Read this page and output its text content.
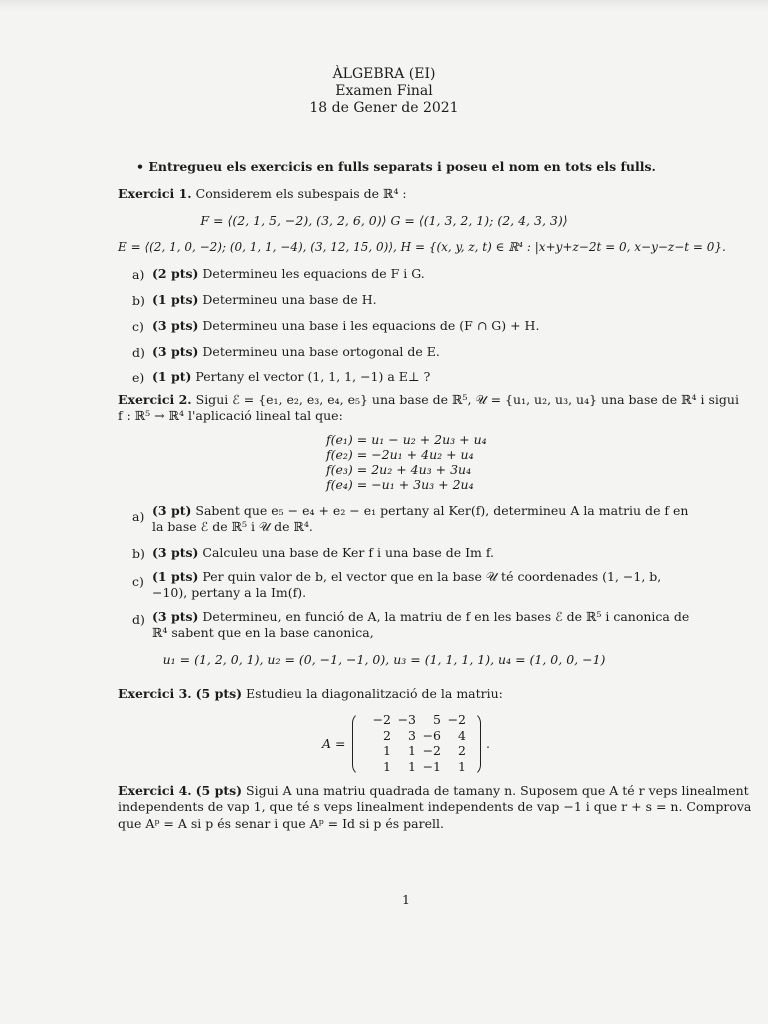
ÀLGEBRA (EI)
Examen Final
18 de Gener de 2021
• Entregueu els exercicis en fulls separats i poseu el nom en tots els fulls.
Exercici 1. Considerem els subespais de ℝ⁴ :
F = ⟨(2, 1, 5, −2), (3, 2, 6, 0)⟩ G = ⟨(1, 3, 2, 1); (2, 4, 3, 3)⟩
E = ⟨(2, 1, 0, −2); (0, 1, 1, −4), (3, 12, 15, 0)⟩, H = {(x, y, z, t) ∈ ℝ⁴ : |x+y+z−2t = 0, x−y−z−t = 0}.
a) (2 pts) Determineu les equacions de F i G.
b) (1 pts) Determineu una base de H.
c) (3 pts) Determineu una base i les equacions de (F ∩ G) + H.
d) (3 pts) Determineu una base ortogonal de E.
e) (1 pt) Pertany el vector (1, 1, 1, −1) a E⊥ ?
Exercici 2. Sigui ℰ = {e₁, e₂, e₃, e₄, e₅} una base de ℝ⁵, 𝒰 = {u₁, u₂, u₃, u₄} una base de ℝ⁴ i sigui
f : ℝ⁵ → ℝ⁴ l'aplicació lineal tal que:
f(e₁) = u₁ − u₂ + 2u₃ + u₄
f(e₂) = −2u₁ + 4u₂ + u₄
f(e₃) = 2u₂ + 4u₃ + 3u₄
f(e₄) = −u₁ + 3u₃ + 2u₄
a) (3 pt) Sabent que e₅ − e₄ + e₂ − e₁ pertany al Ker(f), determineu A la matriu de f en la base ℰ de ℝ⁵ i 𝒰 de ℝ⁴.
b) (3 pts) Calculeu una base de Ker f i una base de Im f.
c) (1 pts) Per quin valor de b, el vector que en la base 𝒰 té coordenades (1, −1, b, −10), pertany a la Im(f).
d) (3 pts) Determineu, en funció de A, la matriu de f en les bases ℰ de ℝ⁵ i canonica de ℝ⁴ sabent que en la base canonica,
u₁ = (1, 2, 0, 1), u₂ = (0, −1, −1, 0), u₃ = (1, 1, 1, 1), u₄ = (1, 0, 0, −1)
Exercici 3. (5 pts) Estudieu la diagonalització de la matriu:
A =
−2 −3	5 −2
2	3 −6	4
1	1 −2	2
1	1 −1	1
.
Exercici 4. (5 pts) Sigui A una matriu quadrada de tamany n. Suposem que A té r veps linealment
independents de vap 1, que té s veps linealment independents de vap −1 i que r + s = n. Comprova
que Aᵖ = A si p és senar i que Aᵖ = Id si p és parell.
1
